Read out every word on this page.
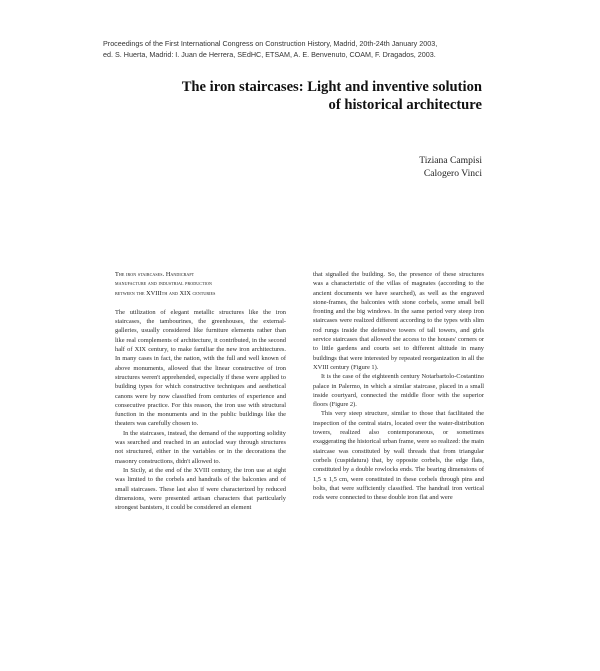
Proceedings of the First International Congress on Construction History, Madrid, 20th-24th January 2003,
ed. S. Huerta, Madrid: I. Juan de Herrera, SEdHC, ETSAM, A. E. Benvenuto, COAM, F. Dragados, 2003.
The iron staircases: Light and inventive solution
of historical architecture
Tiziana Campisi
Calogero Vinci
The iron staircases. Handicraft
manufacture and industrial production
between the XVIIIth and XIX centuries

The utilization of elegant metallic structures like the iron staircases, the tambourines, the greenhouses, the external-galleries, usually considered like furniture elements rather than like real complements of architecture, it contributed, in the second half of XIX century, to make familiar the new iron architectures. In many cases in fact, the nation, with the full and well known of above monuments, allowed that the linear constructive of iron structures weren't apprehended, especially if these were applied to building types for which constructive techniques and aesthetical canons were by now classified from centuries of experience and consecutive practice. For this reason, the iron use with structural function in the monuments and in the public buildings like the theaters was carefully chosen to.

In the staircases, instead, the demand of the supporting solidity was searched and reached in an autoclad way through structures not structured, either in the variables or in the decorations the masonry constructions, didn't allowed to.

In Sicily, at the end of the XVIII century, the iron use at sight was limited to the corbels and handrails of the balconies and of small staircases. These last also if were characterized by reduced dimensions, were presented artisan characters that particularly strongest banisters, it could be considered an element

that signalled the building. So, the presence of these structures was a characteristic of the villas of magnates (according to the ancient documents we have searched), as well as the engraved stone-frames, the balconies with stone corbels, some small bell fronting and the big windows. In the same period very steep iron staircases were realized different according to the types with slim rod rungs inside the defensive towers of tall towers, and girls service staircases that allowed the access to the houses' corners or to little gardens and courts set to different altitude in many buildings that were interested by repeated reorganization in all the XVIII century (Figure 1).

It is the case of the eighteenth century Notarbartolo-Costantino palace in Palermo, in which a similar staircase, placed in a small inside courtyard, connected the middle floor with the superior floors (Figure 2).

This very steep structure, similar to those that facilitated the inspection of the central stairs, located over the water-distribution towers, realized also contemporaneous, or sometimes exaggerating the historical urban frame, were so realized: the main staircase was constituted by wall threads that from triangular corbels (cuspidatura) that, by opposite corbels, the edge flats, constituted by a double rowlocks ends. The bearing dimensions of 1,5 x 1,5 cm, were constituted in these corbels through pins and bolts, that were sufficiently classified. The handrail iron vertical rods were connected to these double iron flat and were
